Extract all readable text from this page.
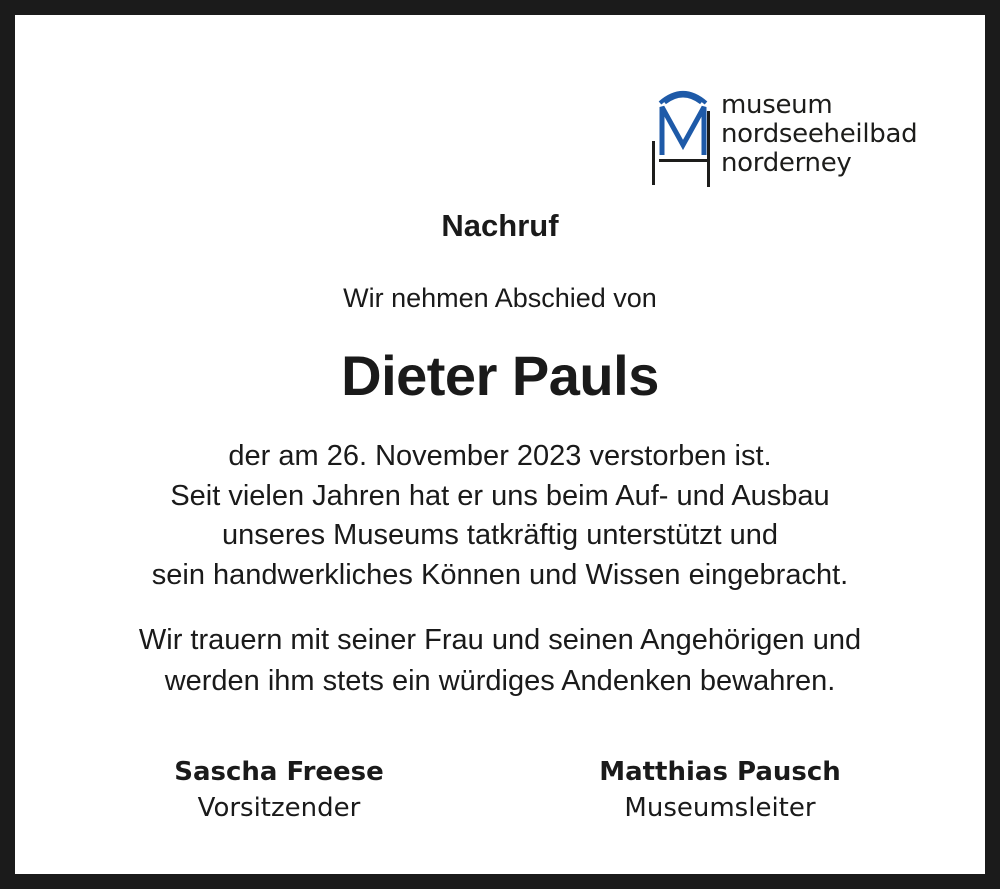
museum
nordseeheilbad
norderney
Nachruf
Wir nehmen Abschied von
Dieter Pauls
der am 26. November 2023 verstorben ist.
Seit vielen Jahren hat er uns beim Auf- und Ausbau
unseres Museums tatkräftig unterstützt und
sein handwerkliches Können und Wissen eingebracht.
Wir trauern mit seiner Frau und seinen Angehörigen und
werden ihm stets ein würdiges Andenken bewahren.
Sascha Freese
Vorsitzender
Matthias Pausch
Museumsleiter
